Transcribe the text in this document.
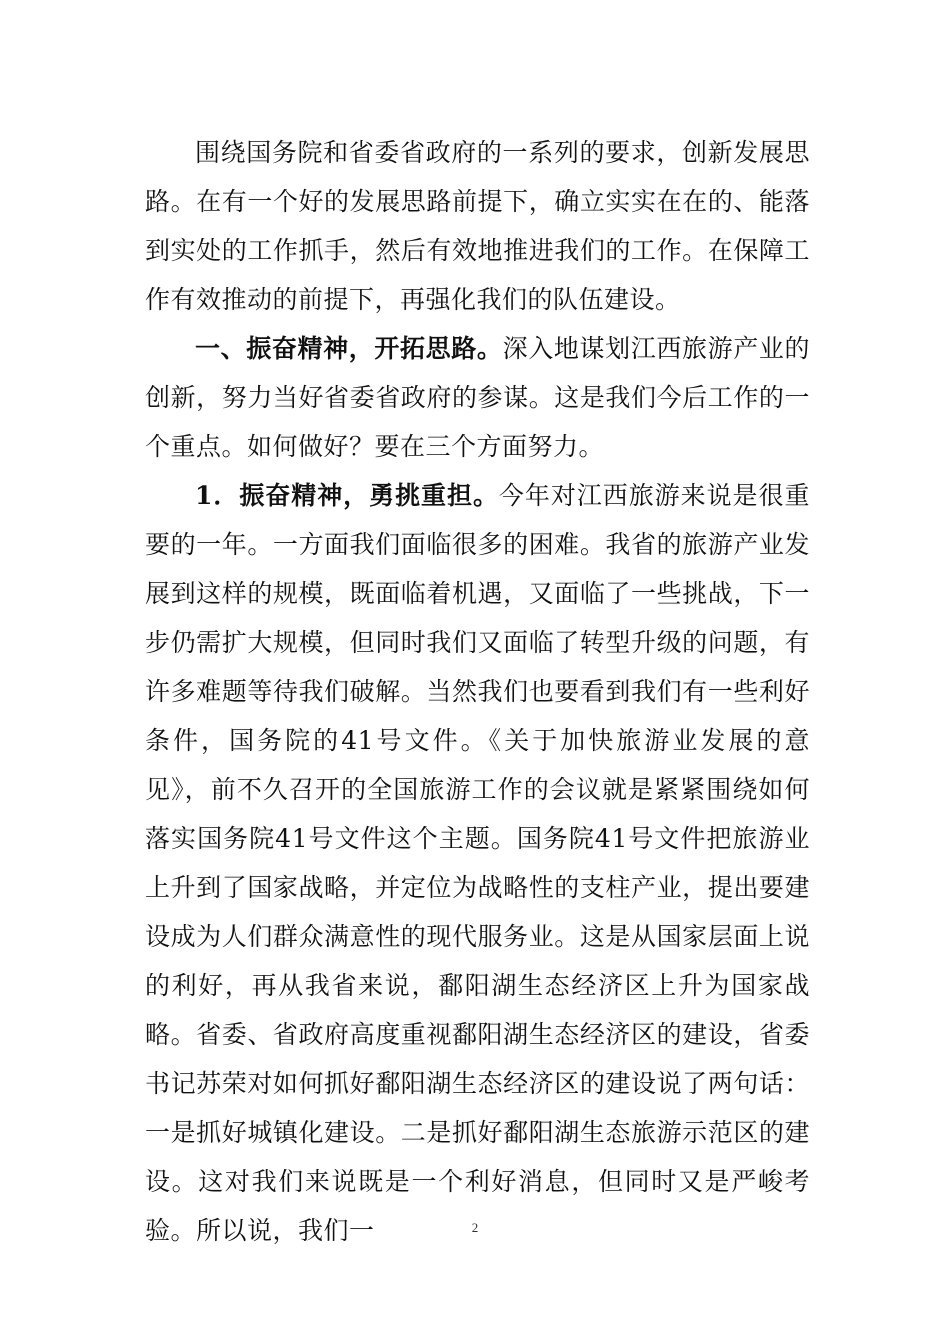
围绕国务院和省委省政府的一系列的要求，创新发展思路。在有一个好的发展思路前提下，确立实实在在的、能落到实处的工作抓手，然后有效地推进我们的工作。在保障工作有效推动的前提下，再强化我们的队伍建设。

一、振奋精神，开拓思路。深入地谋划江西旅游产业的创新，努力当好省委省政府的参谋。这是我们今后工作的一个重点。如何做好？要在三个方面努力。

1．振奋精神，勇挑重担。今年对江西旅游来说是很重要的一年。一方面我们面临很多的困难。我省的旅游产业发展到这样的规模，既面临着机遇，又面临了一些挑战，下一步仍需扩大规模，但同时我们又面临了转型升级的问题，有许多难题等待我们破解。当然我们也要看到我们有一些利好条件，国务院的41号文件。《关于加快旅游业发展的意见》，前不久召开的全国旅游工作的会议就是紧紧围绕如何落实国务院41号文件这个主题。国务院41号文件把旅游业上升到了国家战略，并定位为战略性的支柱产业，提出要建设成为人们群众满意性的现代服务业。这是从国家层面上说的利好，再从我省来说，鄱阳湖生态经济区上升为国家战略。省委、省政府高度重视鄱阳湖生态经济区的建设，省委书记苏荣对如何抓好鄱阳湖生态经济区的建设说了两句话：一是抓好城镇化建设。二是抓好鄱阳湖生态旅游示范区的建设。这对我们来说既是一个利好消息，但同时又是严峻考验。所以说，我们一	2
